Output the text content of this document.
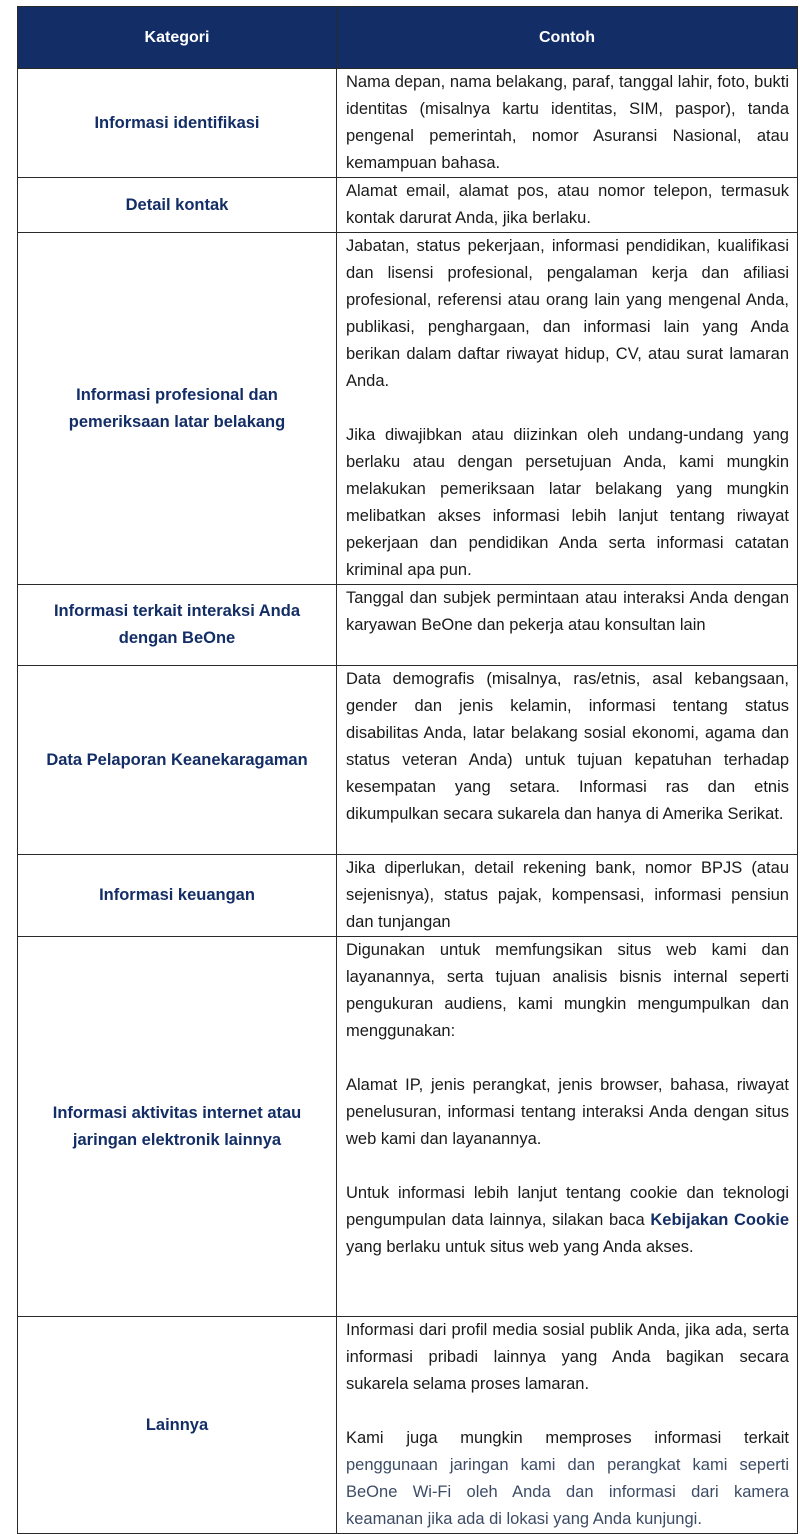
Kategori	Contoh
Informasi identifikasi	Nama depan, nama belakang, paraf, tanggal lahir, foto, bukti identitas (misalnya kartu identitas, SIM, paspor), tanda pengenal pemerintah, nomor Asuransi Nasional, atau kemampuan bahasa.

Detail kontak	Alamat email, alamat pos, atau nomor telepon, termasuk kontak darurat Anda, jika berlaku.

Informasi profesional dan pemeriksaan latar belakang	Jabatan, status pekerjaan, informasi pendidikan, kualifikasi dan lisensi profesional, pengalaman kerja dan afiliasi profesional, referensi atau orang lain yang mengenal Anda, publikasi, penghargaan, dan informasi lain yang Anda berikan dalam daftar riwayat hidup, CV, atau surat lamaran Anda.

Jika diwajibkan atau diizinkan oleh undang-undang yang berlaku atau dengan persetujuan Anda, kami mungkin melakukan pemeriksaan latar belakang yang mungkin melibatkan akses informasi lebih lanjut tentang riwayat pekerjaan dan pendidikan Anda serta informasi catatan kriminal apa pun.

Informasi terkait interaksi Anda dengan BeOne	Tanggal dan subjek permintaan atau interaksi Anda dengan karyawan BeOne dan pekerja atau konsultan lain

Data Pelaporan Keanekaragaman	Data demografis (misalnya, ras/etnis, asal kebangsaan, gender dan jenis kelamin, informasi tentang status disabilitas Anda, latar belakang sosial ekonomi, agama dan status veteran Anda) untuk tujuan kepatuhan terhadap kesempatan yang setara. Informasi ras dan etnis dikumpulkan secara sukarela dan hanya di Amerika Serikat.

Informasi keuangan	Jika diperlukan, detail rekening bank, nomor BPJS (atau sejenisnya), status pajak, kompensasi, informasi pensiun dan tunjangan

Informasi aktivitas internet atau jaringan elektronik lainnya	Digunakan untuk memfungsikan situs web kami dan layanannya, serta tujuan analisis bisnis internal seperti pengukuran audiens, kami mungkin mengumpulkan dan menggunakan:

Alamat IP, jenis perangkat, jenis browser, bahasa, riwayat penelusuran, informasi tentang interaksi Anda dengan situs web kami dan layanannya.

Untuk informasi lebih lanjut tentang cookie dan teknologi pengumpulan data lainnya, silakan baca Kebijakan Cookie yang berlaku untuk situs web yang Anda akses.

Lainnya	Informasi dari profil media sosial publik Anda, jika ada, serta informasi pribadi lainnya yang Anda bagikan secara sukarela selama proses lamaran.

Kami juga mungkin memproses informasi terkait penggunaan jaringan kami dan perangkat kami seperti BeOne Wi-Fi oleh Anda dan informasi dari kamera keamanan jika ada di lokasi yang Anda kunjungi.
